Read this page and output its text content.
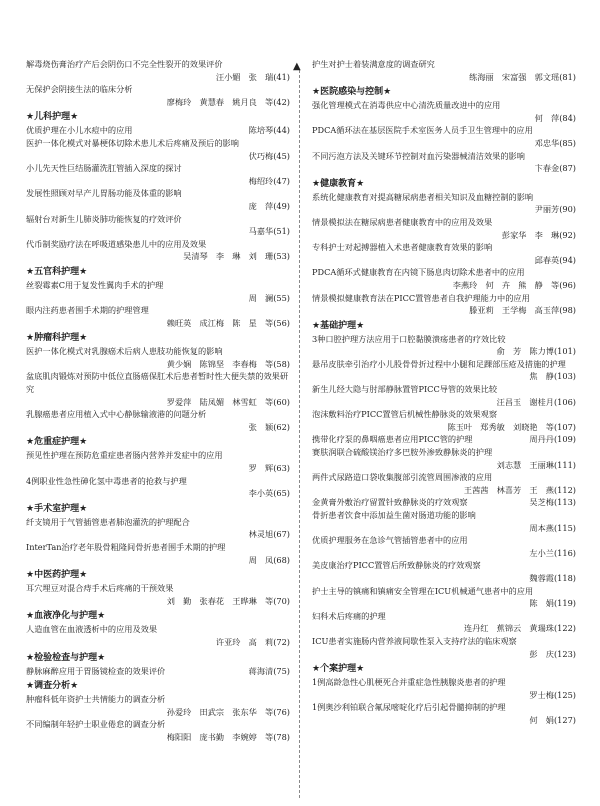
解毒烧伤膏治疗产后会阴伤口不完全性裂开的效果评价
汪小媚　张　瑞(41)
无保护会阴接生法的临床分析
廖梅玲　黄慧春　姚月良　等(42)
★儿科护理★
优质护理在小儿水痘中的应用	陈培琴(44)
医护一体化模式对暴梗体切除术患儿术后疼痛及预后的影响
伏巧梅(45)
小儿先天性巨结肠灌洗肛管插入深度的探讨
梅绍玲(47)
发展性照顾对早产儿胃肠功能及体重的影响
庞　萍(49)
辐射台对新生儿肺炎肺功能恢复的疗效评价
马嘉华(51)
代币制奖励疗法在呼吸道感染患儿中的应用及效果
吴清琴　李　琳　刘　珊(53)
★五官科护理★
丝裂霉素C用于复发性翼肉手术的护理
周　澜(55)
眼内注药患者围手术期的护理管理
赖旺英　成江梅　陈　星　等(56)
★肿瘤科护理★
医护一体化模式对乳腺癌术后病人患肢功能恢复的影响
黄少娴　陈锦坚　李春梅　等(58)
盆底肌肉锻炼对预防中低位直肠癌保肛术后患者暂时性大便失禁的效果研究
罗爱萍　陆凤媚　林雪虹　等(60)
乳腺癌患者应用植入式中心静脉输液港的问题分析
张　颖(62)
★危重症护理★
预见性护理在预防危重症患者肠内营养并发症中的应用
罗　辉(63)
4例职业性急性砷化氢中毒患者的抢救与护理
李小英(65)
★手术室护理★
纤支镜用于气管插管患者肺泡灌洗的护理配合
林灵旭(67)
InterTan治疗老年股骨粗隆间骨折患者围手术期的护理
周　凤(68)
★中医药护理★
耳穴埋豆对混合痔手术后疼痛的干预效果
刘　勤　张春花　王晔琳　等(70)
★血液净化与护理★
人造血管在血液透析中的应用及效果
许亚玲　高　莉(72)
★检验检查与护理★
静脉麻醉应用于胃肠镜检查的效果评价	蒋海清(75)
★调查分析★
肿瘤科低年资护士共情能力的调查分析
孙爱玲　田武宗　张东华　等(76)
不同编制年轻护士职业倦怠的调查分析
梅阳阳　庞书勤　李婉婷　等(78)
▲ 护生对护士着装满意度的调查研究
练海丽　宋富强　郭文瑶(81)
★医院感染与控制★
强化管理模式在消毒供应中心清洗质量改进中的应用
何　萍(84)
PDCA循环法在基层医院手术室医务人员手卫生管理中的应用
邓忠华(85)
不同污泡方法及关键环节控制对血污染器械清洁效果的影响
卞春金(87)
★健康教育★
系统化健康教育对提高糖尿病患者相关知识及血糖控制的影响
尹丽芳(90)
情景模拟法在糖尿病患者健康教育中的应用及效果
彭家华　李　琳(92)
专科护士对起搏器植入术患者健康教育效果的影响
邱春英(94)
PDCA循环式健康教育在内镜下肠息肉切除术患者中的应用
李燕玲　何　卉　熊　静　等(96)
情景模拟健康教育法在PICC置管患者自我护理能力中的应用
滕亚莉　王学梅　高玉萍(98)
★基础护理★
3种口腔护理方法应用于口腔黏膜溃疡患者的疗效比较
俞　芳　陈力博(101)
悬吊皮肤牵引治疗小儿股骨骨折过程中小腿和足踝部压疮及措施的护理
焦　静(103)
新生儿经大隐与肘部静脉置管PICC导管的效果比较
汪昌玉　谢桂月(106)
泡沫敷料治疗PICC置管后机械性静脉炎的效果观察
陈玉叶　郑秀敏　刘晓艳　等(107)
携带化疗泵的鼻咽癌患者应用PICC管的护理	周丹丹(109)
赛肤润联合硫酸镁治疗多巴胺外渗致静脉炎的护理
刘志慧　王丽琳(111)
两件式尿路造口袋收集腹部引流管周围渗液的应用
王茜茜　林喜芳　王　燕(112)
金黄膏外敷治疗留置针致静脉炎的疗效观察	吴芝梅(113)
骨折患者饮食中添加益生菌对肠道功能的影响
周本燕(115)
优质护理服务在急诊气管插管患者中的应用
左小兰(116)
美皮康治疗PICC置管后所致静脉炎的疗效观察
魏蓉霞(118)
护士主导的镇痛和镇痛安全管理在ICU机械通气患者中的应用
陈　娟(119)
妇科术后疼痛的护理
连丹红　蕉锦云　黄瑞珠(122)
ICU患者实施肠内营养液间歇性泵入支持疗法的临床观察
彭　庆(123)
★个案护理★
1例高龄急性心肌梗死合并重症急性胰腺炎患者的护理
罗士梅(125)
1例奥沙利铂联合氟尿嘧啶化疗后引起骨髓抑制的护理
何　娟(127)
